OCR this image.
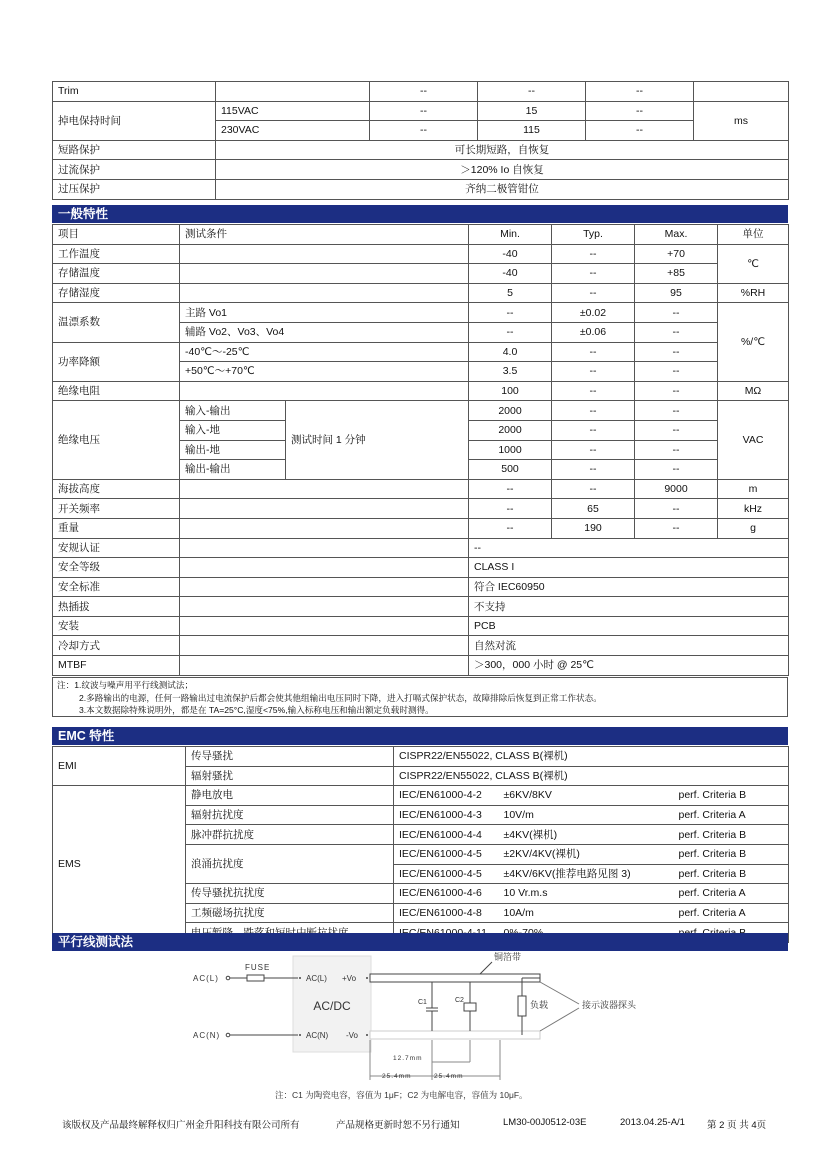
Trim		--	--	--	
掉电保持时间	115VAC	--	15	--	ms
	230VAC	--	115	--	
短路保护	可长期短路，自恢复				
过流保护	＞120% Io 自恢复				
过压保护	齐纳二极管钳位				
一般特性
项目	测试条件		Min.	Typ.	Max.	单位
工作温度			-40	--	+70	℃
存储温度			-40	--	+85	
存储湿度			5	--	95	%RH
温漂系数	主路 Vo1		--	±0.02	--	%/℃
	辅路 Vo2、Vo3、Vo4		--	±0.06	--	
功率降额	-40℃～-25℃		4.0	--	--	
	+50℃～+70℃		3.5	--	--	
绝缘电阻			100	--	--	MΩ
绝缘电压	输入-输出	测试时间 1 分钟	2000	--	--	VAC
	输入-地		2000	--	--	
	输出-地		1000	--	--	
	输出-输出		500	--	--	
海拔高度			--	--	9000	m
开关频率			--	65	--	kHz
重量			--	190	--	g
安规认证			--			
安全等级			CLASS I			
安全标准			符合 IEC60950			
热插拔			不支持			
安装			PCB			
冷却方式			自然对流			
MTBF			＞300，000 小时 @ 25℃			
注：1.纹波与噪声用平行线测试法；
2.多路输出的电源，任何一路输出过电流保护后都会使其他组输出电压同时下降，进入打嗝式保护状态，故障排除后恢复到正常工作状态。
3.本文数据除特殊说明外，都是在 TA=25°C,湿度<75%,输入标称电压和输出额定负载时测得。
EMC 特性
EMI	传导骚扰	CISPR22/EN55022, CLASS B(裸机)		
	辐射骚扰	CISPR22/EN55022, CLASS B(裸机)		
EMS	静电放电	IEC/EN61000-4-2	±6KV/8KV	perf. Criteria B
	辐射抗扰度	IEC/EN61000-4-3	10V/m	perf. Criteria A
	脉冲群抗扰度	IEC/EN61000-4-4	±4KV(裸机)	perf. Criteria B
	浪涌抗扰度	IEC/EN61000-4-5	±2KV/4KV(裸机)	perf. Criteria B
		IEC/EN61000-4-5	±4KV/6KV(推荐电路见图 3)	perf. Criteria B
	传导骚扰抗扰度	IEC/EN61000-4-6	10 Vr.m.s	perf. Criteria A
	工频磁场抗扰度	IEC/EN61000-4-8	10A/m	perf. Criteria A

平行线测试法
AC/DC
AC(L)
FUSE
AC(L) +Vo
AC(N)	AC(N) -Vo
铜箔带
C1	C2	负载	接示波器探头
12.7mm
25.4mm	25.4mm
注：C1 为陶瓷电容，容值为 1μF；C2 为电解电容，容值为 10μF。
该版权及产品最终解释权归广州金升阳科技有限公司所有	产品规格更新时恕不另行通知	LM30-00J0512-03E	2013.04.25-A/1 第 2 页 共 4页
